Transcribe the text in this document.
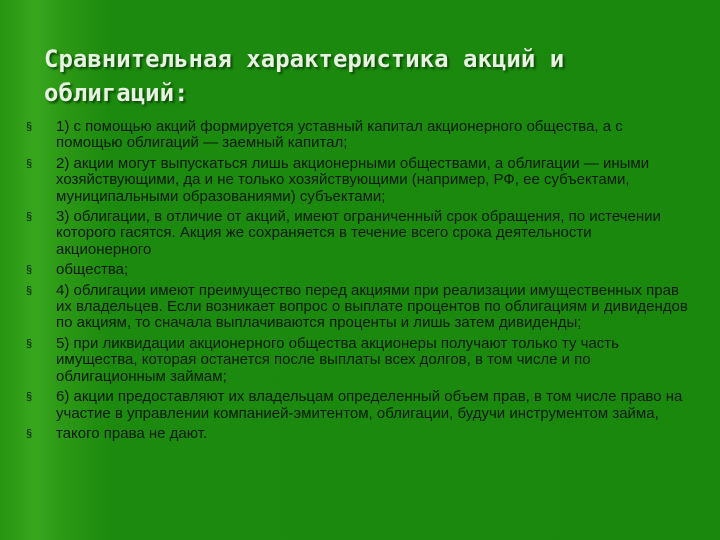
Сравнительная характеристика акций и облигаций:
§ 1) с помощью акций формируется уставный капитал акционерного общества, а с помощью облигаций — заемный капитал;
§ 2) акции могут выпускаться лишь акционерными обществами, а облигации — иными хозяйствующими, да и не только хозяйствующими (например, РФ, ее субъектами, муниципальными образованиями) субъектами;
§ 3) облигации, в отличие от акций, имеют ограниченный срок обращения, по истечении которого гасятся. Акция же сохраняется в течение всего срока деятельности акционерного
§ общества;
§ 4) облигации имеют преимущество перед акциями при реализации имущественных прав их владельцев. Если возникает вопрос о выплате процентов по облигациям и дивидендов по акциям, то сначала выплачиваются проценты и лишь затем дивиденды;
§ 5) при ликвидации акционерного общества акционеры получают только ту часть имущества, которая останется после выплаты всех долгов, в том числе и по облигационным займам;
§ 6) акции предоставляют их владельцам определенный объем прав, в том числе право на участие в управлении компанией-эмитентом, облигации, будучи инструментом займа,
§ такого права не дают.
